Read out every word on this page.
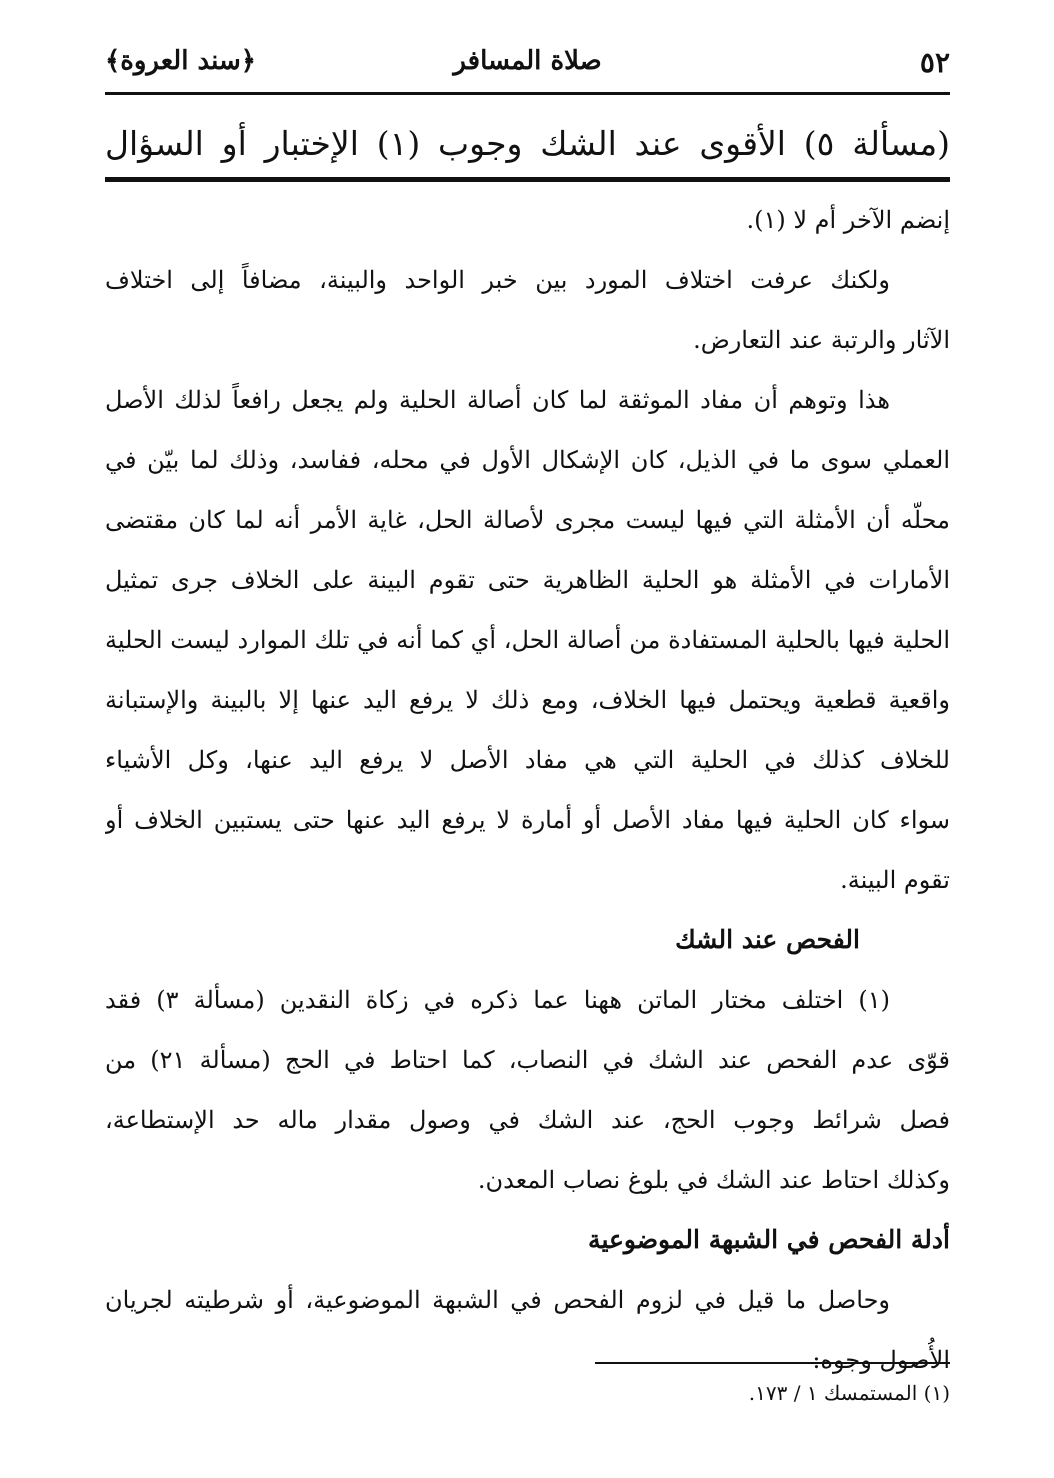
٥٢
صلاة المسافر
﴿سند العروة﴾
(مسألة ٥) الأقوى عند الشك وجوب (١) الإختبار أو السؤال
إنضم الآخر أم لا (١).
ولكنك عرفت اختلاف المورد بين خبر الواحد والبينة، مضافاً إلى اختلاف
الآثار والرتبة عند التعارض.
هذا وتوهم أن مفاد الموثقة لما كان أصالة الحلية ولم يجعل رافعاً لذلك الأصل
العملي سوى ما في الذيل، كان الإشكال الأول في محله، ففاسد، وذلك لما بيّن في
محلّه أن الأمثلة التي فيها ليست مجرى لأصالة الحل، غاية الأمر أنه لما كان مقتضى
الأمارات في الأمثلة هو الحلية الظاهرية حتى تقوم البينة على الخلاف جرى تمثيل
الحلية فيها بالحلية المستفادة من أصالة الحل، أي كما أنه في تلك الموارد ليست الحلية
واقعية قطعية ويحتمل فيها الخلاف، ومع ذلك لا يرفع اليد عنها إلا بالبينة والإستبانة
للخلاف كذلك في الحلية التي هي مفاد الأصل لا يرفع اليد عنها، وكل الأشياء
سواء كان الحلية فيها مفاد الأصل أو أمارة لا يرفع اليد عنها حتى يستبين الخلاف أو
تقوم البينة.
الفحص عند الشك
(١) اختلف مختار الماتن ههنا عما ذكره في زكاة النقدين (مسألة ٣) فقد
قوّى عدم الفحص عند الشك في النصاب، كما احتاط في الحج (مسألة ٢١) من
فصل شرائط وجوب الحج، عند الشك في وصول مقدار ماله حد الإستطاعة،
وكذلك احتاط عند الشك في بلوغ نصاب المعدن.
أدلة الفحص في الشبهة الموضوعية
وحاصل ما قيل في لزوم الفحص في الشبهة الموضوعية، أو شرطيته لجريان
الأُصول وجوه:
(١) المستمسك ١ / ١٧٣.
